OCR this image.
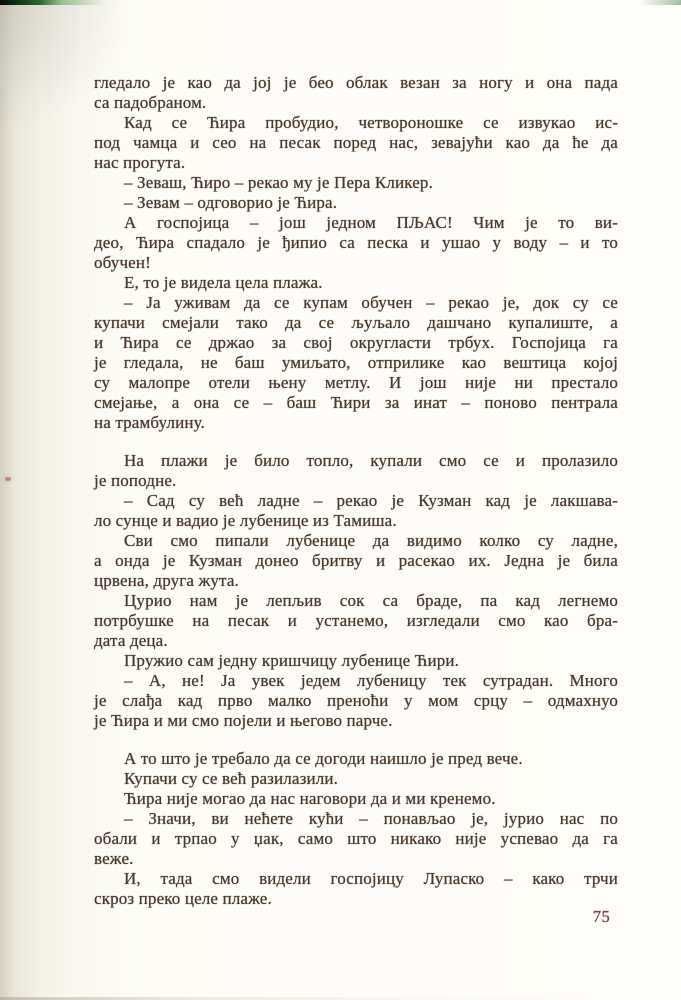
гледало је као да јој је бео облак везан за ногу и она пада
са падобраном.
Кад се Ћира пробудио, четвороношке се извукао ис-
под чамца и сео на песак поред нас, зевајући као да ће да
нас прогута.
– Зеваш, Ћиро – рекао му је Пера Кликер.
– Зевам – одговорио је Ћира.
А госпојица – још једном ПЉАС! Чим је то ви-
део, Ћира спадало је ђипио са песка и ушао у воду – и то
обучен!
Е, то је видела цела плажа.
– Ја уживам да се купам обучен – рекао је, док су се
купачи смејали тако да се љуљало дашчано купалиште, а
и Ћира се држао за свој округласти трбух. Госпојица га
је гледала, не баш умиљато, отприлике као вештица којој
су малопре отели њену метлу. И још није ни престало
смејање, а она се – баш Ћири за инат – поново пентрала
на трамбулину.
На плажи је било топло, купали смо се и пролазило
је поподне.
– Сад су већ ладне – рекао је Кузман кад је лакшава-
ло сунце и вадио је лубенице из Тамиша.
Сви смо пипали лубенице да видимо колко су ладне,
а онда је Кузман донео бритву и расекао их. Једна је била
црвена, друга жута.
Цурио нам је лепљив сок са браде, па кад легнемо
потрбушке на песак и устанемо, изгледали смо као бра-
дата деца.
Пружио сам једну кришчицу лубенице Ћири.
– А, не! Ја увек једем лубеницу тек сутрадан. Много
је слађа кад прво малко преноћи у мом срцу – одмахнуо
је Ћира и ми смо појели и његово парче.
А то што је требало да се догоди наишло је пред вече.
Купачи су се већ разилазили.
Ћира није могао да нас наговори да и ми кренемо.
– Значи, ви нећете кући – понављао је, јурио нас по
обали и трпао у џак, само што никако није успевао да га
веже.
И, тада смо видели госпојицу Лупаско – како трчи
скроз преко целе плаже.
75
